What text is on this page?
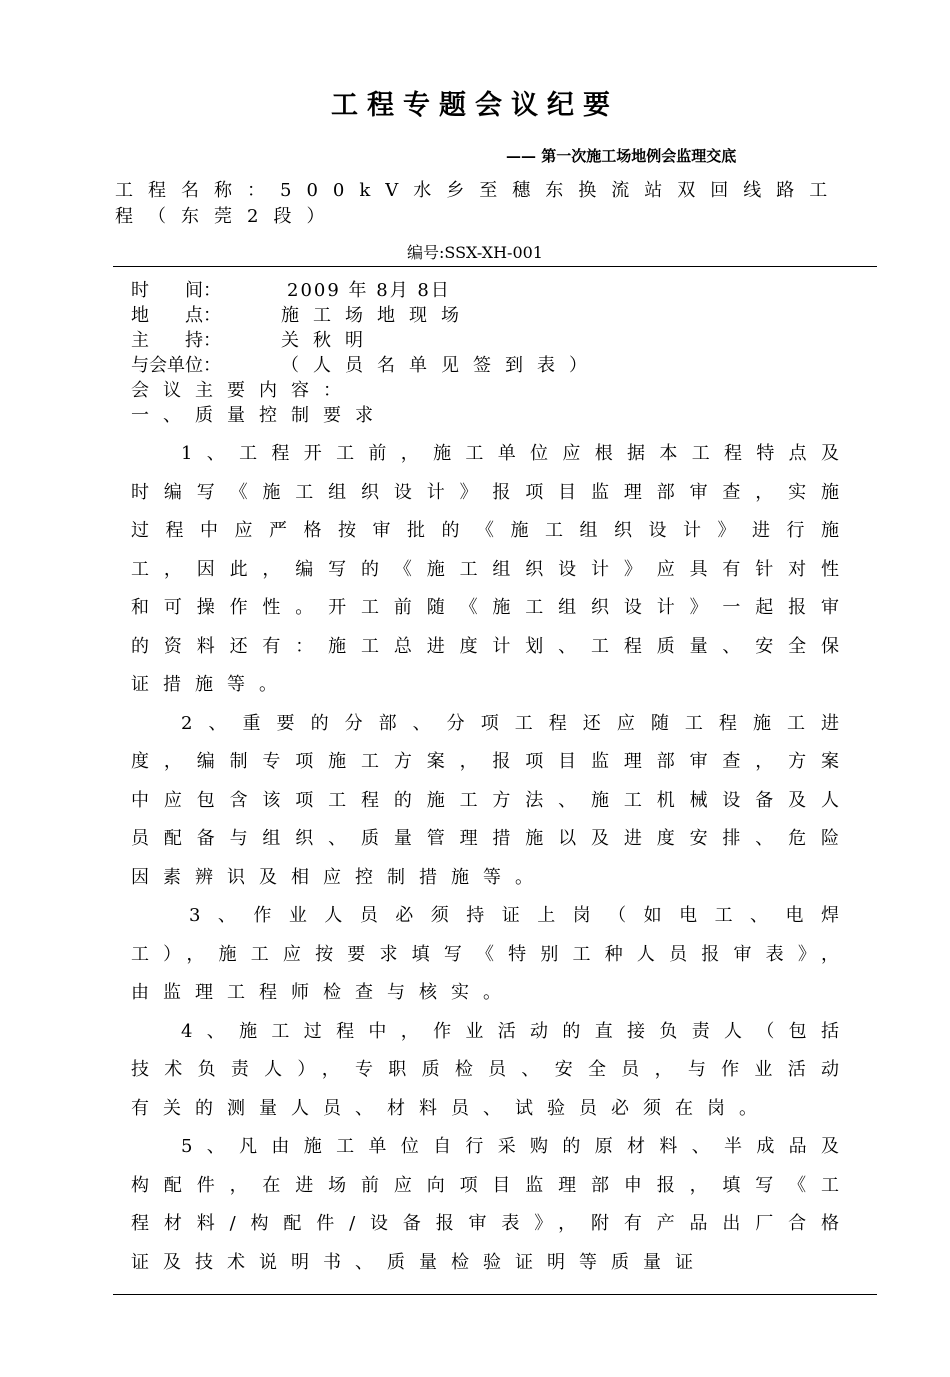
工程专题会议纪要
—— 第一次施工场地例会监理交底
工程名称：500kV水乡至穗东换流站双回线路工程（东莞2段）
编号:SSX-XH-001
时　　间：	2009 年 8月 8日
地　　点：	施工场地现场
主　　持：	关秋明
与会单位：	（人员名单见签到表）
会议主要内容：
一、质量控制要求

1、工程开工前，施工单位应根据本工程特点及时编写《施工组织设计》报项目监理部审查，实施过程中应严格按审批的《施工组织设计》进行施工，因此，编写的《施工组织设计》应具有针对性和可操作性。开工前随《施工组织设计》一起报审的资料还有：施工总进度计划、工程质量、安全保证措施等。

2、重要的分部、分项工程还应随工程施工进度，编制专项施工方案，报项目监理部审查，方案中应包含该项工程的施工方法、施工机械设备及人员配备与组织、质量管理措施以及进度安排、危险因素辨识及相应控制措施等。

3、作业人员必须持证上岗（如电工、电焊工），施工应按要求填写《特别工种人员报审表》，由监理工程师检查与核实。

4、施工过程中，作业活动的直接负责人（包括技术负责人），专职质检员、安全员，与作业活动有关的测量人员、材料员、试验员必须在岗。

5、凡由施工单位自行采购的原材料、半成品及构配件，在进场前应向项目监理部申报，填写《工程材料/构配件/设备报审表》，附有产品出厂合格证及技术说明书、质量检验证明等质量证
